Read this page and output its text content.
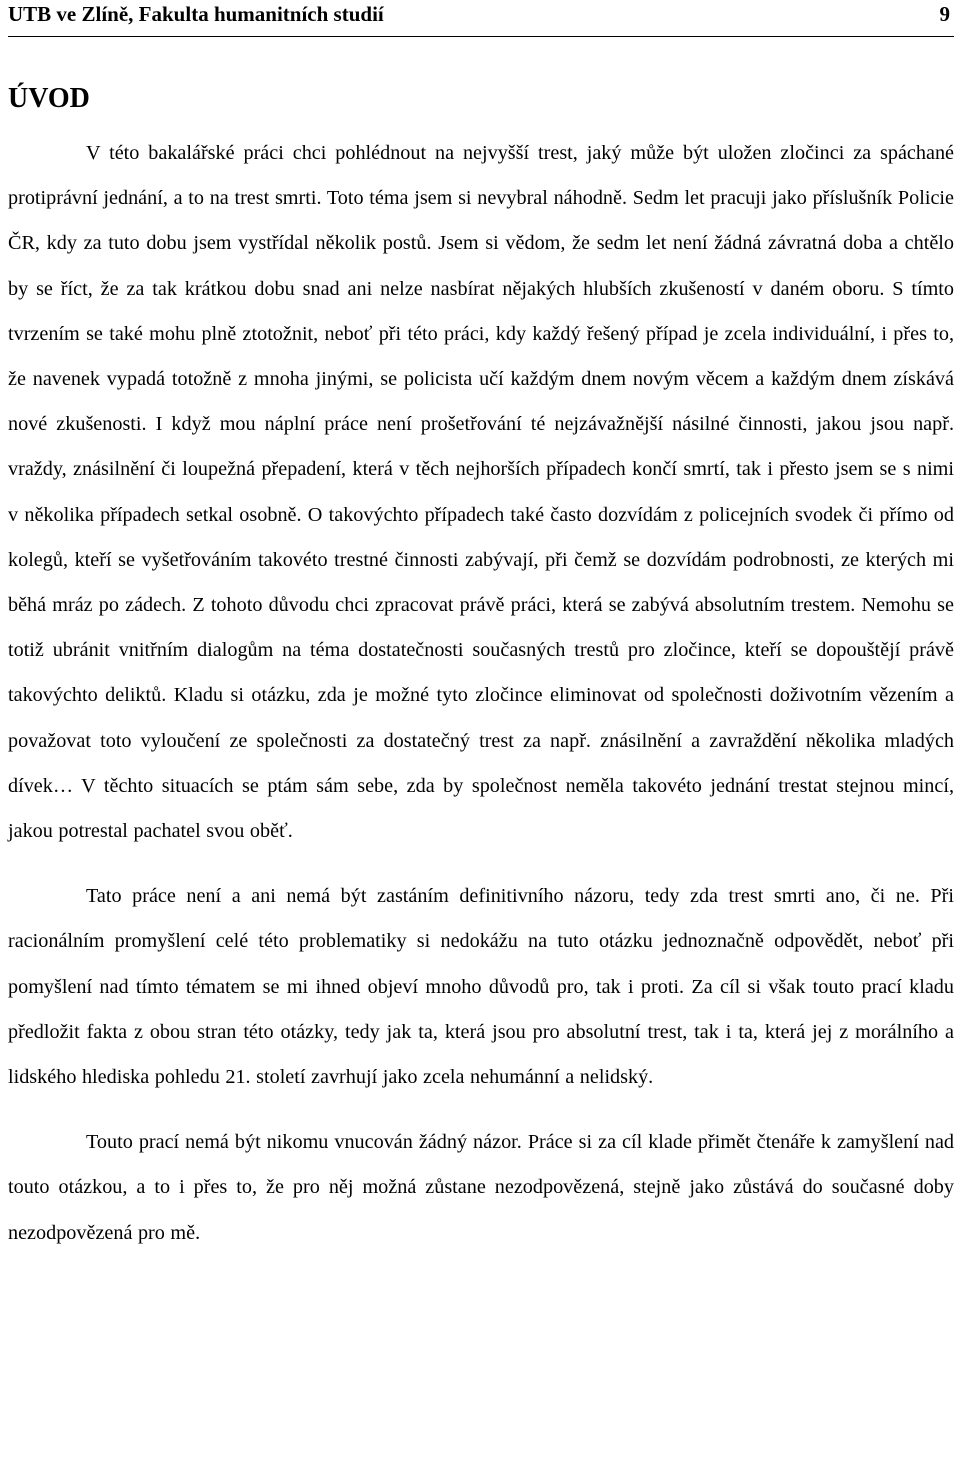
UTB ve Zlíně, Fakulta humanitních studií	9
ÚVOD

V této bakalářské práci chci pohlédnout na nejvyšší trest, jaký může být uložen zločinci za spáchané protiprávní jednání, a to na trest smrti. Toto téma jsem si nevybral náhodně. Sedm let pracuji jako příslušník Policie ČR, kdy za tuto dobu jsem vystřídal několik postů. Jsem si vědom, že sedm let není žádná závratná doba a chtělo by se říct, že za tak krátkou dobu snad ani nelze nasbírat nějakých hlubších zkušeností v daném oboru. S tímto tvrzením se také mohu plně ztotožnit, neboť při této práci, kdy každý řešený případ je zcela individuální, i přes to, že navenek vypadá totožně z mnoha jinými, se policista učí každým dnem novým věcem a každým dnem získává nové zkušenosti. I když mou náplní práce není prošetřování té nejzávažnější násilné činnosti, jakou jsou např. vraždy, znásilnění či loupežná přepadení, která v těch nejhorších případech končí smrtí, tak i přesto jsem se s nimi v několika případech setkal osobně. O takovýchto případech také často dozvídám z policejních svodek či přímo od kolegů, kteří se vyšetřováním takovéto trestné činnosti zabývají, při čemž se dozvídám podrobnosti, ze kterých mi běhá mráz po zádech. Z tohoto důvodu chci zpracovat právě práci, která se zabývá absolutním trestem. Nemohu se totiž ubránit vnitřním dialogům na téma dostatečnosti současných trestů pro zločince, kteří se dopouštějí právě takovýchto deliktů. Kladu si otázku, zda je možné tyto zločince eliminovat od společnosti doživotním vězením a považovat toto vyloučení ze společnosti za dostatečný trest za např. znásilnění a zavraždění několika mladých dívek… V těchto situacích se ptám sám sebe, zda by společnost neměla takovéto jednání trestat stejnou mincí, jakou potrestal pachatel svou oběť.

Tato práce není a ani nemá být zastáním definitivního názoru, tedy zda trest smrti ano, či ne. Při racionálním promyšlení celé této problematiky si nedokážu na tuto otázku jednoznačně odpovědět, neboť při pomyšlení nad tímto tématem se mi ihned objeví mnoho důvodů pro, tak i proti. Za cíl si však touto prací kladu předložit fakta z obou stran této otázky, tedy jak ta, která jsou pro absolutní trest, tak i ta, která jej z morálního a lidského hlediska pohledu 21. století zavrhují jako zcela nehumánní a nelidský.

Touto prací nemá být nikomu vnucován žádný názor. Práce si za cíl klade přimět čtenáře k zamyšlení nad touto otázkou, a to i přes to, že pro něj možná zůstane nezodpovězená, stejně jako zůstává do současné doby nezodpovězená pro mě.
